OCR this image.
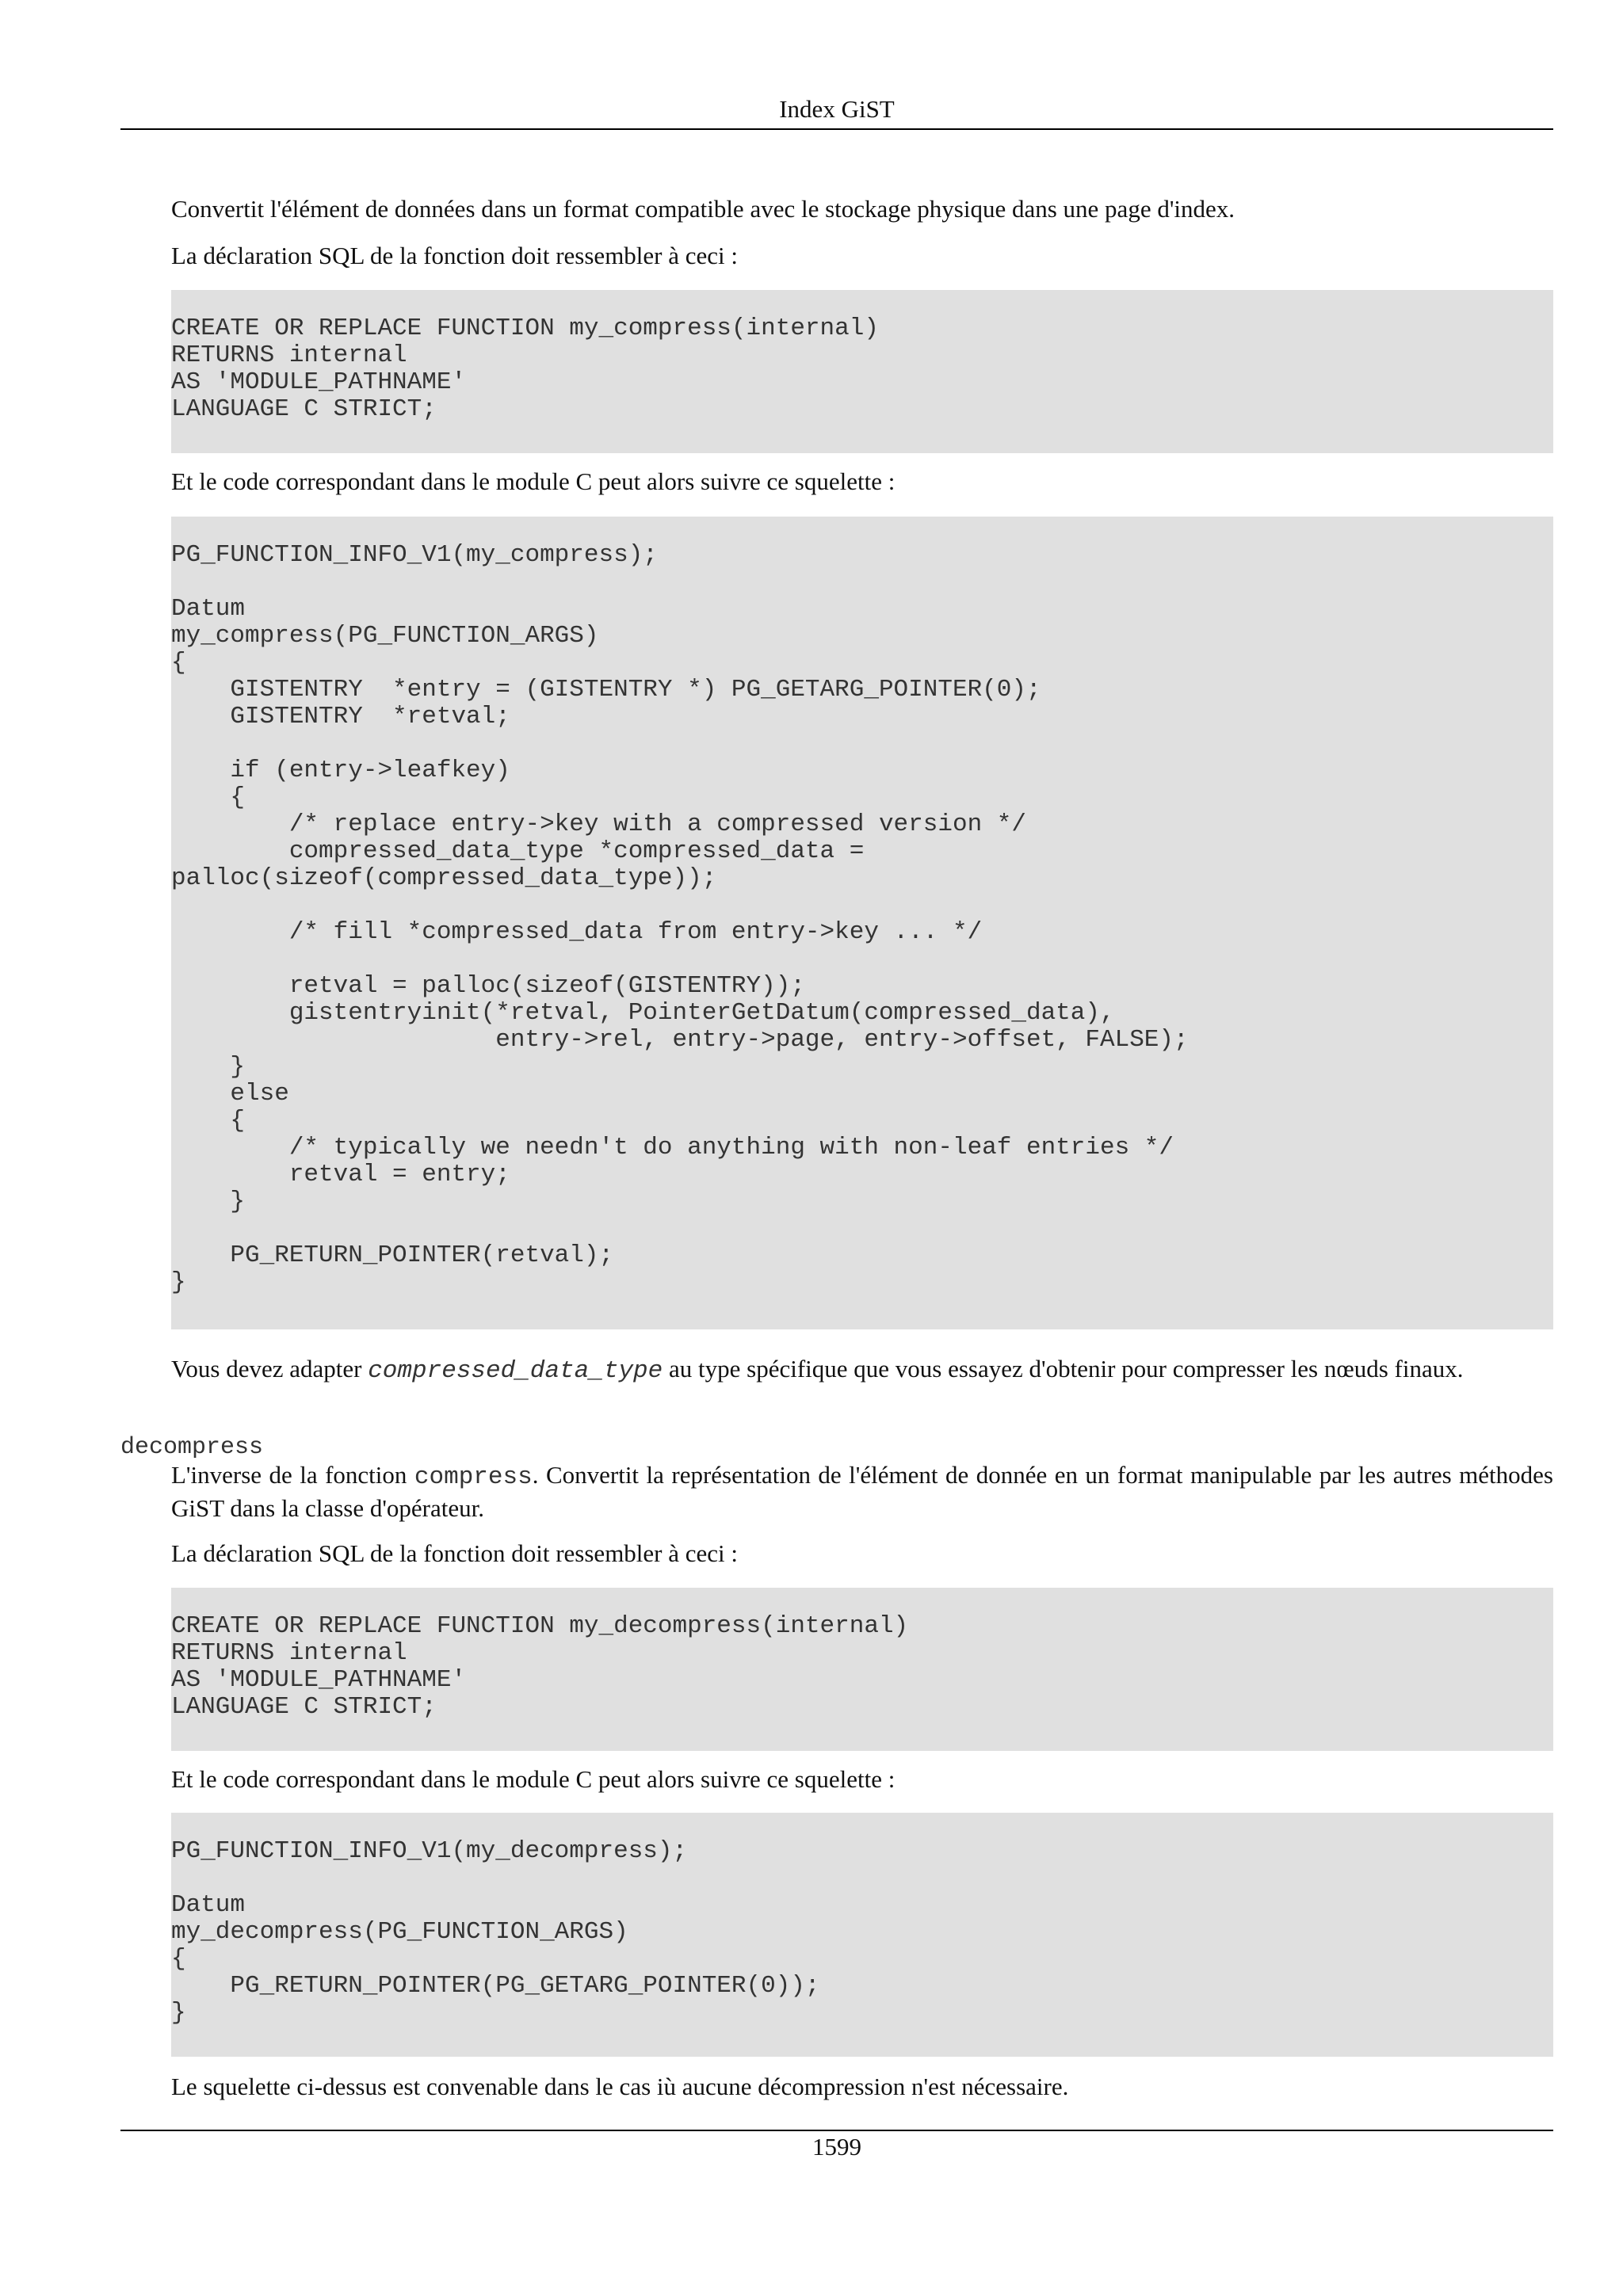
Index GiST

Convertit l'élément de données dans un format compatible avec le stockage physique dans une page d'index.

La déclaration SQL de la fonction doit ressembler à ceci :

CREATE OR REPLACE FUNCTION my_compress(internal)
RETURNS internal
AS 'MODULE_PATHNAME'
LANGUAGE C STRICT;

Et le code correspondant dans le module C peut alors suivre ce squelette :

PG_FUNCTION_INFO_V1(my_compress);

Datum
my_compress(PG_FUNCTION_ARGS)
{
GISTENTRY  *entry = (GISTENTRY *) PG_GETARG_POINTER(0);
GISTENTRY  *retval;

if (entry->leafkey)
{
/* replace entry->key with a compressed version */
compressed_data_type *compressed_data =
palloc(sizeof(compressed_data_type));

/* fill *compressed_data from entry->key ... */

retval = palloc(sizeof(GISTENTRY));
gistentryinit(*retval, PointerGetDatum(compressed_data),
entry->rel, entry->page, entry->offset, FALSE);
}
else
{
/* typically we needn't do anything with non-leaf entries */
retval = entry;
}

PG_RETURN_POINTER(retval);
}

Vous devez adapter compressed_data_type au type spécifique que vous essayez d'obtenir pour compresser les nœuds finaux.

decompress

L'inverse de la fonction compress. Convertit la représentation de l'élément de donnée en un format manipulable par les autres méthodes GiST dans la classe d'opérateur.

La déclaration SQL de la fonction doit ressembler à ceci :

CREATE OR REPLACE FUNCTION my_decompress(internal)
RETURNS internal
AS 'MODULE_PATHNAME'
LANGUAGE C STRICT;

Et le code correspondant dans le module C peut alors suivre ce squelette :

PG_FUNCTION_INFO_V1(my_decompress);

Datum
my_decompress(PG_FUNCTION_ARGS)
{
PG_RETURN_POINTER(PG_GETARG_POINTER(0));
}

Le squelette ci-dessus est convenable dans le cas iù aucune décompression n'est nécessaire.

1599
